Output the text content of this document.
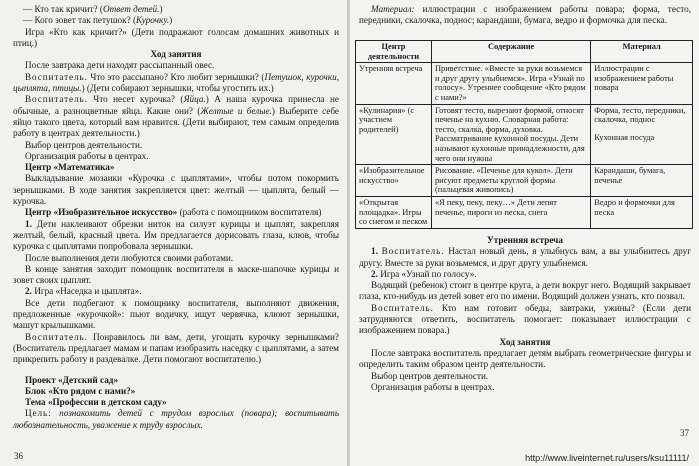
— Кто так кричит? (Ответ детей.)

— Кого зовет так петушок? (Курочку.)

Игра «Кто как кричит?» (Дети подражают голосам домашних животных и птиц.)

Ход занятия

После завтрака дети находят рассыпанный овес.

Воспитатель. Что это рассыпано? Кто любит зернышки? (Петушок, курочки, цыплята, птицы.) (Дети собирают зернышки, чтобы угостить их.)

Воспитатель. Что несет курочка? (Яйца.) А наша курочка принесла не обычные, а разноцветные яйца. Какие они? (Желтые и белые.) Выберите себе яйцо такого цвета, который вам нравится. (Дети выбирают, тем самым определив работу в центрах деятельности.)

Выбор центров деятельности.

Организация работы в центрах.

Центр «Математика»

Выкладывание мозаики «Курочка с цыплятами», чтобы потом покормить зернышками. В ходе занятия закрепляется цвет: желтый — цыплята, белый — курочка.

Центр «Изобразительное искусство» (работа с помощником воспитателя)

1. Дети наклеивают обрезки ниток на силуэт курицы и цыплят, закрепляя желтый, белый, красный цвета. Им предлагается дорисовать глаза, клюв, чтобы курочка с цыплятами попробовала зернышки.

После выполнения дети любуются своими работами.

В конце занятия заходит помощник воспитателя в маске-шапочке курицы и зовет своих цыплят.

2. Игра «Наседка и цыплята».

Все дети подбегают к помощнику воспитателя, выполняют движения, предложенные «курочкой»: пьют водичку, ищут червячка, клюют зернышки, машут крылышками.

Воспитатель. Понравилось ли вам, дети, угощать курочку зернышками? (Воспитатель предлагает мамам и папам изобразить наседку с цыплятами, а затем прикрепить работу в раздевалке. Дети помогают воспитателю.)

Проект «Детский сад»

Блок «Кто рядом с нами?»

Тема «Профессии в детском саду»

Цель: познакомить детей с трудом взрослых (повара); воспитывать любознательность, уважение к труду взрослых.

36

Материал: иллюстрации с изображением работы повара; форма, тесто, передники, скалочка, поднос; карандаши, бумага, ведро и формочка для песка.

Центр деятельности	Содержание	Материал

Утренняя встреча	Приветствие. «Вместе за руки возьмемся и друг другу улыбнемся». Игра «Узнай по голосу». Утреннее сообщение «Кто рядом с нами?»	Иллюстрации с изображением работы повара

«Кулинария» (с участием родителей)	Готовят тесто, вырезают формой, относят печенье на кухню. Словарная работа: тесто, скалка, форма, духовка. Рассматривание кухонной посуды. Дети называют кухонные принадлежности, для чего они нужны	Форма, тесто, передники, скалочка, поднос
Кухонная посуда

«Изобразительное искусство»	Рисование. «Печенье для кукол». Дети рисуют предметы круглой формы (пальцевая живопись)	Карандаши, бумага, печенье

«Открытая площадка». Игры со снегом и песком	«Я пеку, пеку, пеку…» Дети лепят печенье, пироги из песка, снега	Ведро и формочки для песка

Утренняя встреча

1. Воспитатель. Настал новый день, я улыбнусь вам, а вы улыбнитесь друг другу. Вместе за руки возьмемся, и друг другу улыбнемся.

2. Игра «Узнай по голосу».

Водящий (ребенок) стоит в центре круга, а дети вокруг него. Водящий закрывает глаза, кто-нибудь из детей зовет его по имени. Водящий должен узнать, кто позвал.

Воспитатель. Кто нам готовит обеды, завтраки, ужины? (Если дети затрудняются ответить, воспитатель помогает: показывает иллюстрации с изображением повара.)

Ход занятия

После завтрака воспитатель предлагает детям выбрать геометрические фигуры и определить таким образом центр деятельности.

Выбор центров деятельности.

Организация работы в центрах.

37
http://www.liveinternet.ru/users/ksu11111/
